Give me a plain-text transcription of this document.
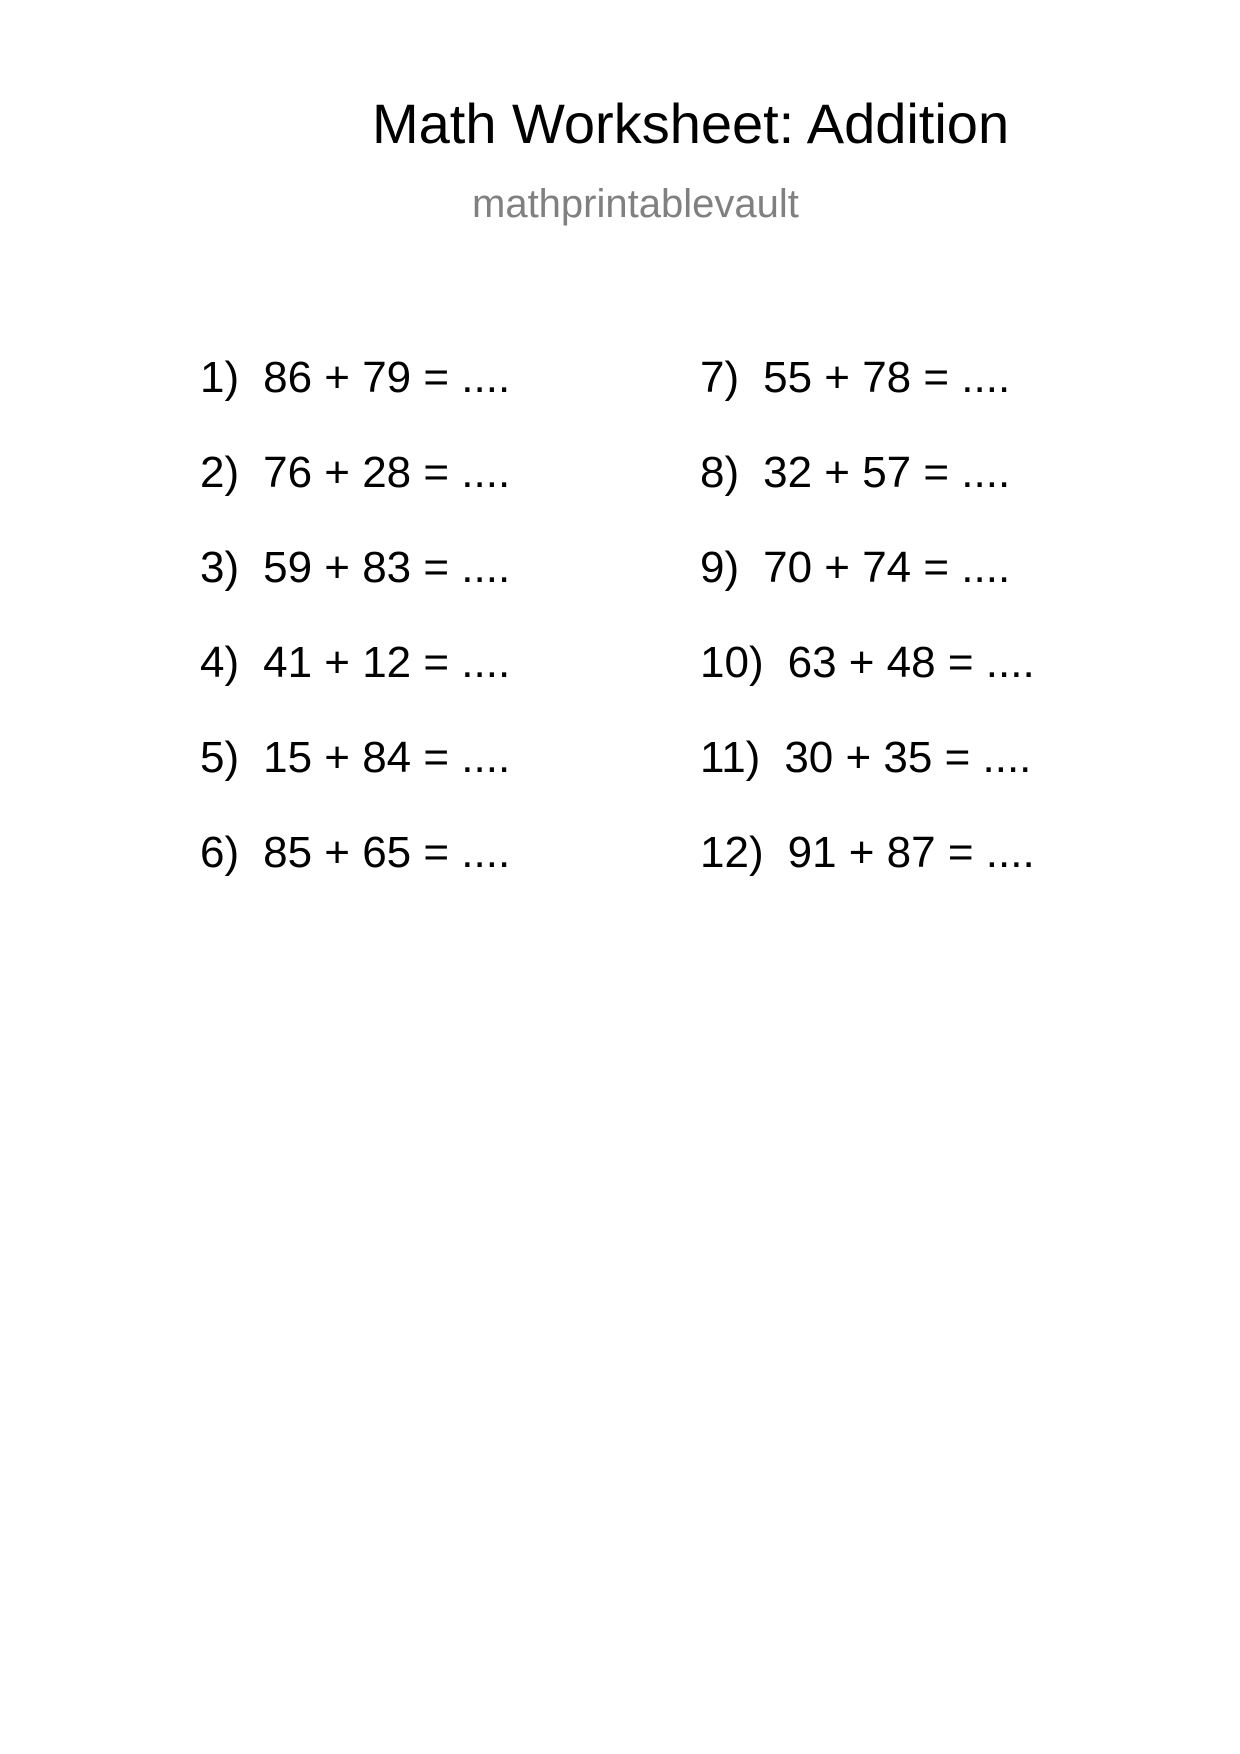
Math Worksheet: Addition
mathprintablevault
1) 86 + 79 = ....
2) 76 + 28 = ....
3) 59 + 83 = ....
4) 41 + 12 = ....
5) 15 + 84 = ....
6) 85 + 65 = ....
7) 55 + 78 = ....
8) 32 + 57 = ....
9) 70 + 74 = ....
10) 63 + 48 = ....
11) 30 + 35 = ....
12) 91 + 87 = ....
